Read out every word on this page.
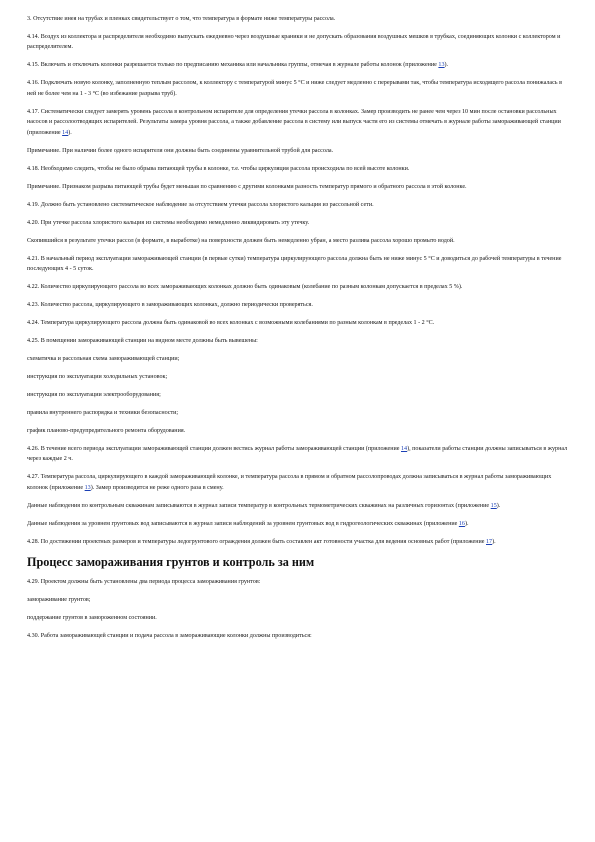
3. Отсутствие инея на трубах и пленках свидетельствует о том, что температура в формате ниже температуры рассола.
4.14. Воздух из коллектора и распределителя необходимо выпускать ежедневно через воздушные краники и не допускать образования воздушных мешков в трубках, соединяющих колонки с коллектором и распределителем.
4.15. Включать и отключать колонки разрешается только по предписанию механика или начальника группы, отмечая в журнале работы колонок (приложение 13).
4.16. Подключать новую колонку, заполненную теплым рассолом, к коллектору с температурой минус 5 °С и ниже следует медленно с перерывами так, чтобы температура исходящего рассола понижалась в ней не более чем на 1 - 3 °С (во избежание разрыва труб).
4.17. Систематически следует замерять уровень рассола в контрольном испарителе для определения утечки рассола в колонках. Замер производить не ранее чем через 10 мин после остановки рассольных насосов и рассолоотводящих испарителей. Результаты замера уровня рассола, а также добавление рассола в систему или выпуск части его из системы отмечать в журнале работы замораживающей станции (приложение 14).
Примечание. При наличии более одного испарителя они должны быть соединены уравнительной трубой для рассола.
4.18. Необходимо следить, чтобы не было обрыва питающей трубы в колонке, т.е. чтобы циркуляция рассола происходила по всей высоте колонки.
Примечание. Признаком разрыва питающей трубы будет меньшая по сравнению с другими колонками разность температур прямого и обратного рассола в этой колонке.
4.19. Должно быть установлено систематическое наблюдение за отсутствием утечки рассола хлористого кальция из рассольной сети.
4.20. При утечке рассола хлористого кальция из системы необходимо немедленно ликвидировать эту утечку.
Скопившийся в результате утечки рассол (в формате, в выработке) на поверхности должен быть немедленно убран, а место разлива рассола хорошо промыто водой.
4.21. В начальный период эксплуатации замораживающей станции (в первые сутки) температура циркулирующего рассола должна быть не ниже минус 5 °С и доводиться до рабочей температуры в течение последующих 4 - 5 суток.
4.22. Количество циркулирующего рассола во всех замораживающих колонках должно быть одинаковым (колебание по разным колонкам допускается в пределах 5 %).
4.23. Количество рассола, циркулирующего в замораживающих колонках, должно периодически проверяться.
4.24. Температура циркулирующего рассола должна быть одинаковой во всех колонках с возможными колебаниями по разным колонкам в пределах 1 - 2 °С.
4.25. В помещении замораживающей станции на видном месте должны быть вывешены:
схематичка и рассольная схема замораживающей станции;
инструкция по эксплуатации холодильных установок;
инструкция по эксплуатации электрооборудования;
правила внутреннего распорядка и техники безопасности;
график планово-предупредительного ремонта оборудования.
4.26. В течение всего периода эксплуатации замораживающей станции должен вестись журнал работы замораживающей станции (приложение 14), показатели работы станции должны записываться в журнал через каждые 2 ч.
4.27. Температура рассола, циркулирующего в каждой замораживающей колонке, и температура рассола в прямом и обратном рассолопроводах должна записываться в журнал работы замораживающих колонок (приложение 13). Замер производится не реже одного раза в смену.
Данные наблюдения по контрольным скважинам записываются в журнал записи температур в контрольных термометрических скважинах на различных горизонтах (приложение 15).
Данные наблюдения за уровнем грунтовых вод записываются в журнал записи наблюдений за уровнем грунтовых вод в гидрогеологических скважинах (приложение 16).
4.28. По достижении проектных размеров и температуры ледогрунтового ограждения должен быть составлен акт готовности участка для ведения основных работ (приложение 17).
Процесс замораживания грунтов и контроль за ним
4.29. Проектом должны быть установлены два периода процесса замораживания грунтов:
замораживание грунтов;
поддержание грунтов в замороженном состоянии.
4.30. Работа замораживающей станции и подача рассола в замораживающие колонки должны производиться:
